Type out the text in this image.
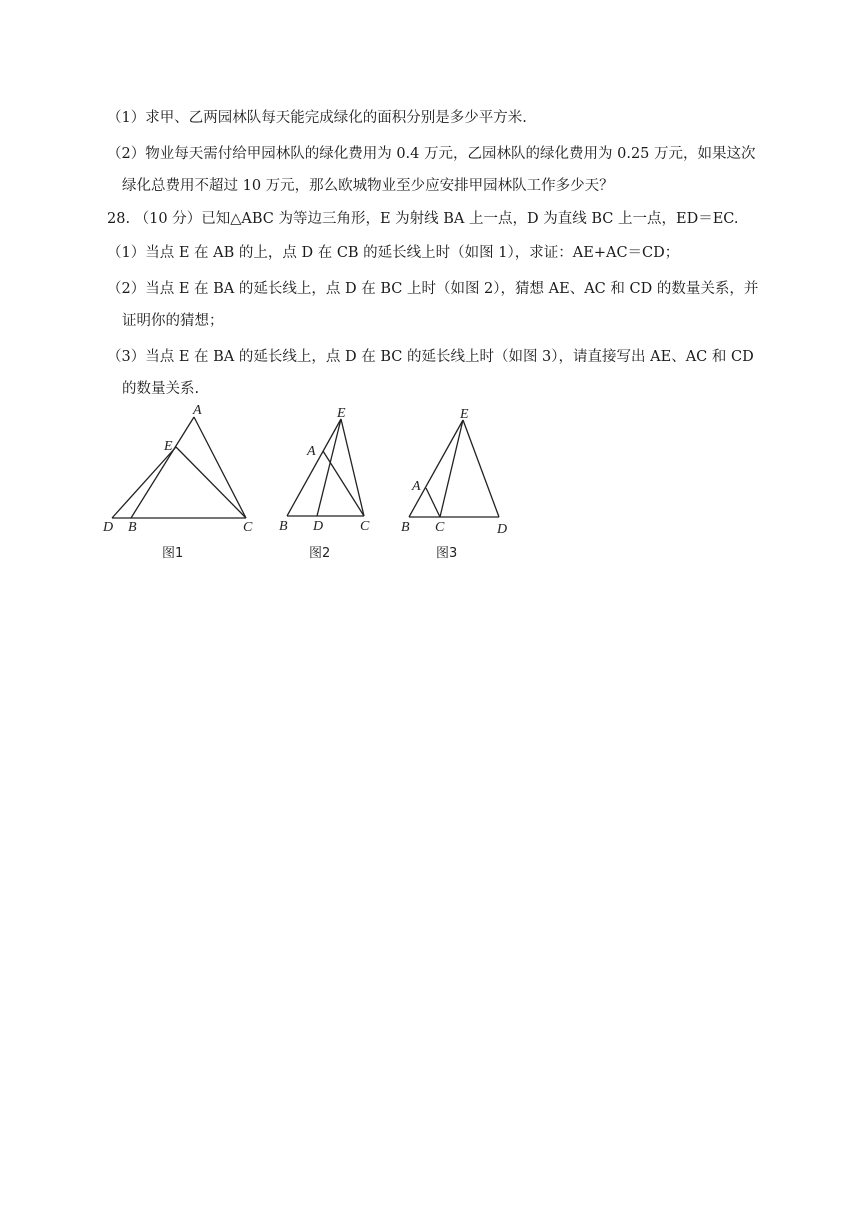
（1）求甲、乙两园林队每天能完成绿化的面积分别是多少平方米.
（2）物业每天需付给甲园林队的绿化费用为 0.4 万元，乙园林队的绿化费用为 0.25 万元，如果这次
绿化总费用不超过 10 万元，那么欧城物业至少应安排甲园林队工作多少天？
28. （10 分）已知△ABC 为等边三角形，E 为射线 BA 上一点，D 为直线 BC 上一点，ED＝EC.
（1）当点 E 在 AB 的上，点 D 在 CB 的延长线上时（如图 1），求证：AE+AC＝CD；
（2）当点 E 在 BA 的延长线上，点 D 在 BC 上时（如图 2），猜想 AE、AC 和 CD 的数量关系，并
证明你的猜想；
（3）当点 E 在 BA 的延长线上，点 D 在 BC 的延长线上时（如图 3），请直接写出 AE、AC 和 CD
的数量关系.
A
E
D B	C
图1
E
A
B D	C
图2
E
A
B C	D
图3
